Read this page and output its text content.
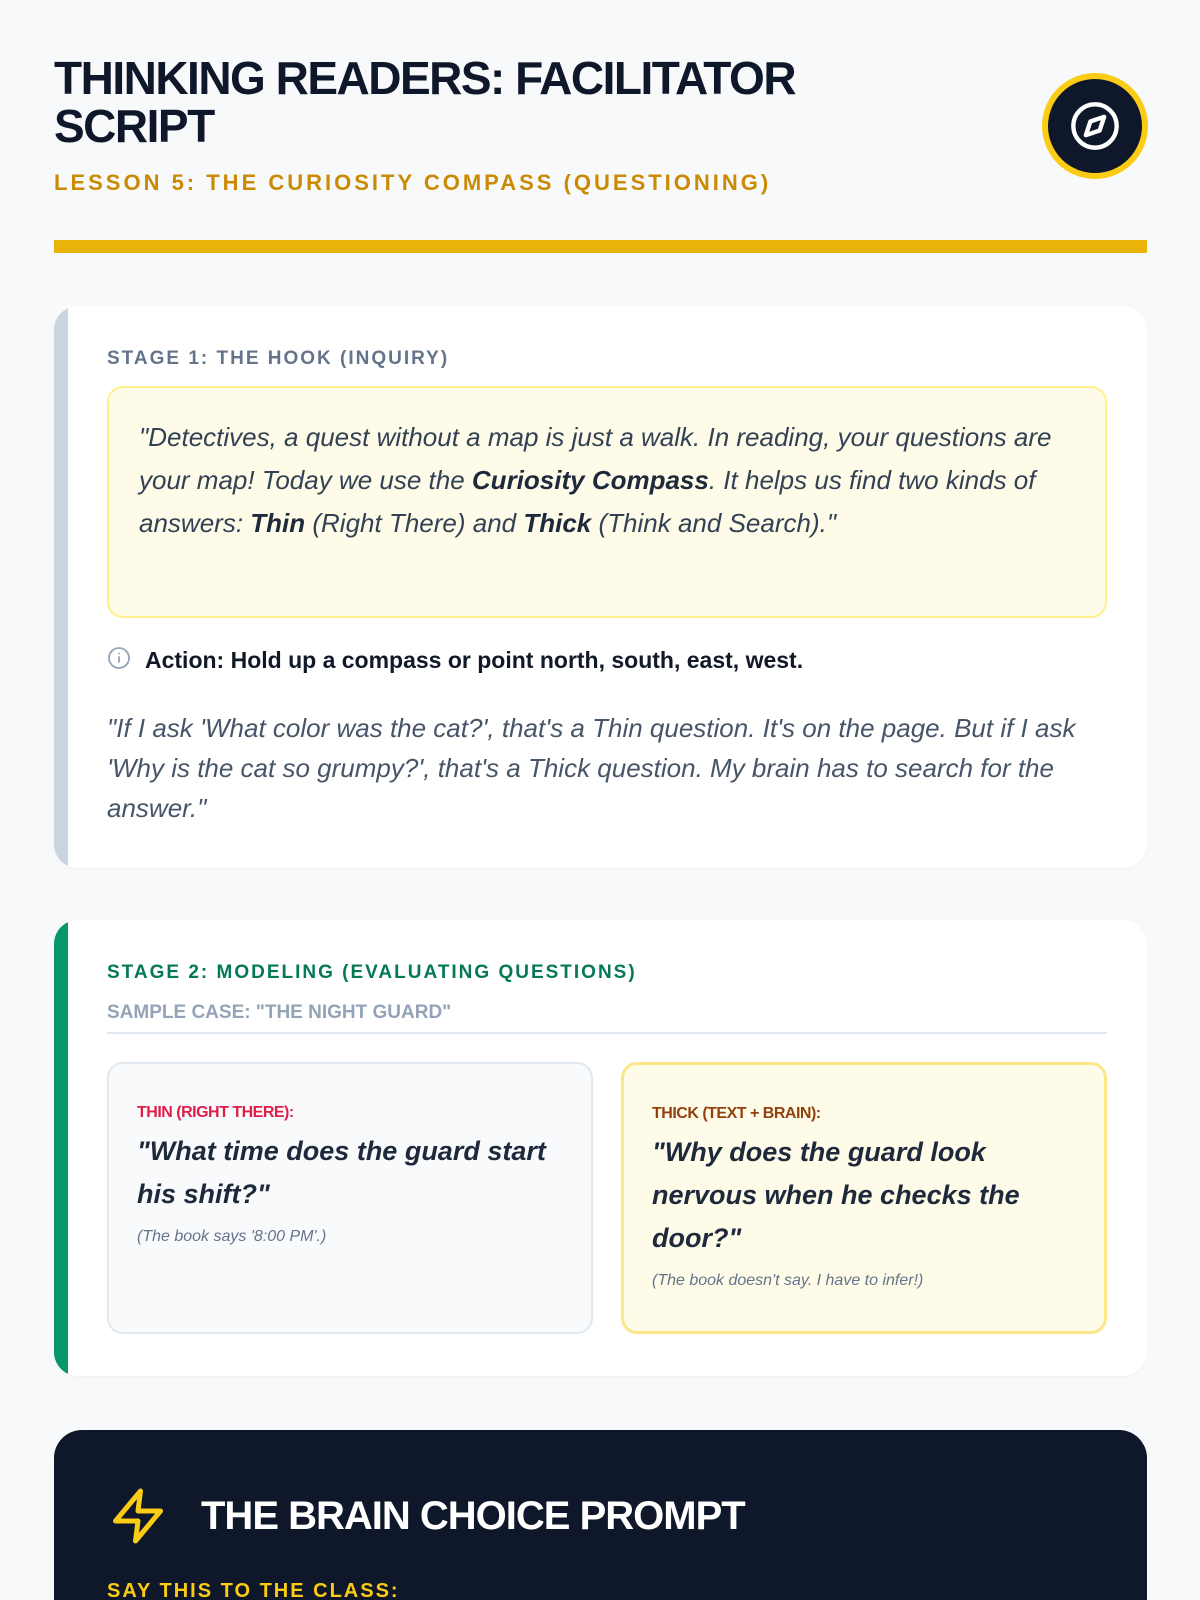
THINKING READERS: FACILITATOR SCRIPT
LESSON 5: THE CURIOSITY COMPASS (QUESTIONING)
STAGE 1: THE HOOK (INQUIRY)
"Detectives, a quest without a map is just a walk. In reading, your questions are your map! Today we use the Curiosity Compass. It helps us find two kinds of answers: Thin (Right There) and Thick (Think and Search)."
Action: Hold up a compass or point north, south, east, west.

"If I ask 'What color was the cat?', that's a Thin question. It's on the page. But if I ask 'Why is the cat so grumpy?', that's a Thick question. My brain has to search for the answer."

STAGE 2: MODELING (EVALUATING QUESTIONS)
SAMPLE CASE: "THE NIGHT GUARD"
THIN (RIGHT THERE):
"What time does the guard start his shift?"
(The book says '8:00 PM'.)
THICK (TEXT + BRAIN):
"Why does the guard look nervous when he checks the door?"
(The book doesn't say. I have to infer!)
THE BRAIN CHOICE PROMPT
SAY THIS TO THE CLASS:
